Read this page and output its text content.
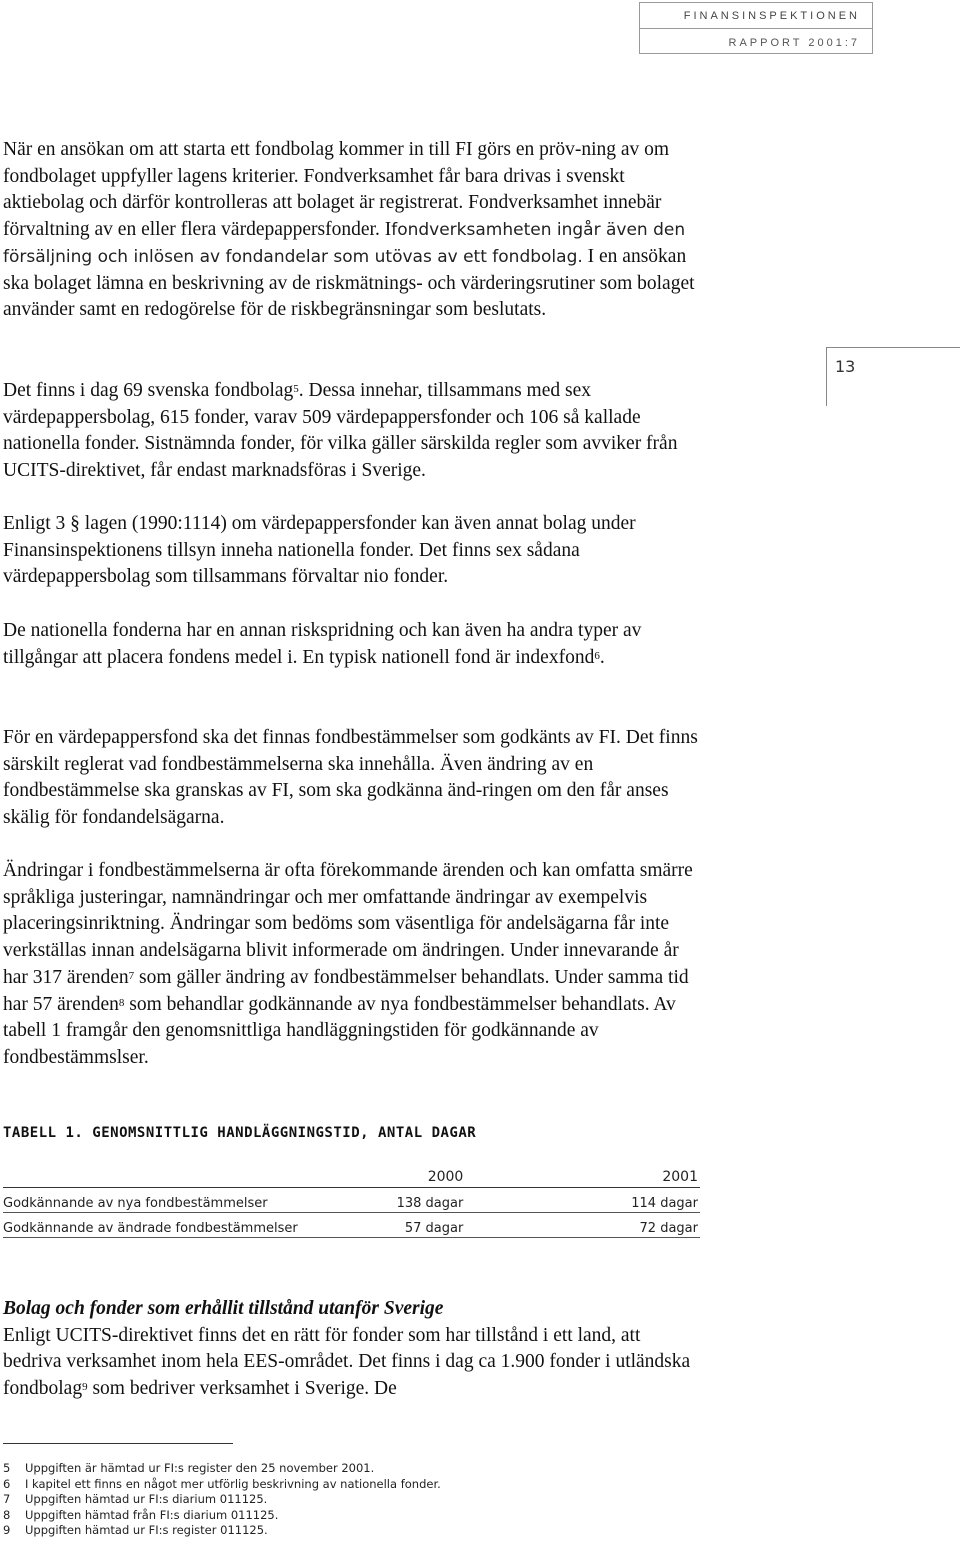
FINANSINSPEKTIONEN
RAPPORT 2001:7
13

När en ansökan om att starta ett fondbolag kommer in till FI görs en pröv-ning av om fondbolaget uppfyller lagens kriterier. Fondverksamhet får bara drivas i svenskt aktiebolag och därför kontrolleras att bolaget är registrerat. Fondverksamhet innebär förvaltning av en eller flera värdepappersfonder. Ifondverksamheten ingår även den försäljning och inlösen av fondandelar som utövas av ett fondbolag. I en ansökan ska bolaget lämna en beskrivning av de riskmätnings- och värderingsrutiner som bolaget använder samt en redogörelse för de riskbegränsningar som beslutats.

Det finns i dag 69 svenska fondbolag$^5$. Dessa innehar, tillsammans med sex värdepappersbolag, 615 fonder, varav 509 värdepappersfonder och 106 så kallade nationella fonder. Sistnämnda fonder, för vilka gäller särskilda regler som avviker från UCITS-direktivet, får endast marknadsföras i Sverige.

Enligt 3 § lagen (1990:1114) om värdepappersfonder kan även annat bolag under Finansinspektionens tillsyn inneha nationella fonder. Det finns sex sådana värdepappersbolag som tillsammans förvaltar nio fonder.

De nationella fonderna har en annan riskspridning och kan även ha andra typer av tillgångar att placera fondens medel i. En typisk nationell fond är indexfond$^6$.

För en värdepappersfond ska det finnas fondbestämmelser som godkänts av FI. Det finns särskilt reglerat vad fondbestämmelserna ska innehålla. Även ändring av en fondbestämmelse ska granskas av FI, som ska godkänna änd-ringen om den får anses skälig för fondandelsägarna.

Ändringar i fondbestämmelserna är ofta förekommande ärenden och kan omfatta smärre språkliga justeringar, namnändringar och mer omfattande ändringar av exempelvis placeringsinriktning. Ändringar som bedöms som väsentliga för andelsägarna får inte verkställas innan andelsägarna blivit informerade om ändringen. Under innevarande år har 317 ärenden$^7$ som gäller ändring av fondbestämmelser behandlats. Under samma tid har 57 ärenden$^8$ som behandlar godkännande av nya fondbestämmelser behandlats. Av tabell 1 framgår den genomsnittliga handläggningstiden för godkännande av fondbestämmslser.

TABELL 1. GENOMSNITTLIG HANDLÄGGNINGSTID, ANTAL DAGAR
	2000	2001
Godkännande av nya fondbestämmelser	138 dagar	114 dagar
Godkännande av ändrade fondbestämmelser	57 dagar	72 dagar

Bolag och fonder som erhållit tillstånd utanför Sverige
Enligt UCITS-direktivet finns det en rätt för fonder som har tillstånd i ett land, att bedriva verksamhet inom hela EES-området. Det finns i dag ca 1.900 fonder i utländska fondbolag$^9$ som bedriver verksamhet i Sverige. De

5	Uppgiften är hämtad ur FI:s register den 25 november 2001.
6	I kapitel ett finns en något mer utförlig beskrivning av nationella fonder.
7	Uppgiften hämtad ur FI:s diarium 011125.
8	Uppgiften hämtad från FI:s diarium 011125.
9	Uppgiften hämtad ur FI:s register 011125.
